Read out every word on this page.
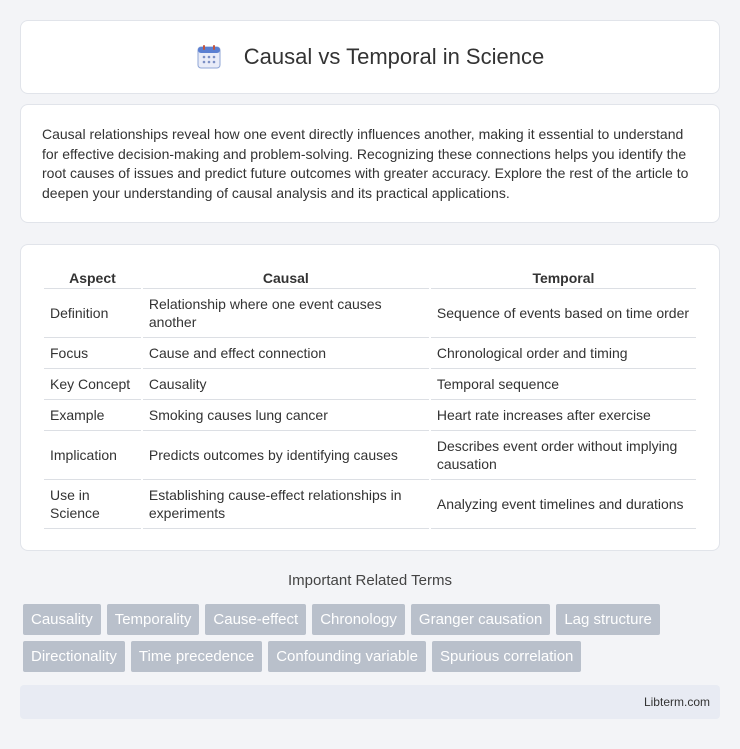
Causal vs Temporal in Science

Causal relationships reveal how one event directly influences another, making it essential to understand for effective decision-making and problem-solving. Recognizing these connections helps you identify the root causes of issues and predict future outcomes with greater accuracy. Explore the rest of the article to deepen your understanding of causal analysis and its practical applications.

Aspect	Causal	Temporal
Definition	Relationship where one event causes another	Sequence of events based on time order
Focus	Cause and effect connection	Chronological order and timing
Key Concept	Causality	Temporal sequence
Example	Smoking causes lung cancer	Heart rate increases after exercise
Implication	Predicts outcomes by identifying causes	Describes event order without implying causation
Use in Science	Establishing cause-effect relationships in experiments	Analyzing event timelines and durations
Important Related Terms
Causality	Temporality	Cause-effect	Chronology	Granger causation	Lag structure
Directionality	Time precedence	Confounding variable	Spurious correlation
Libterm.com
